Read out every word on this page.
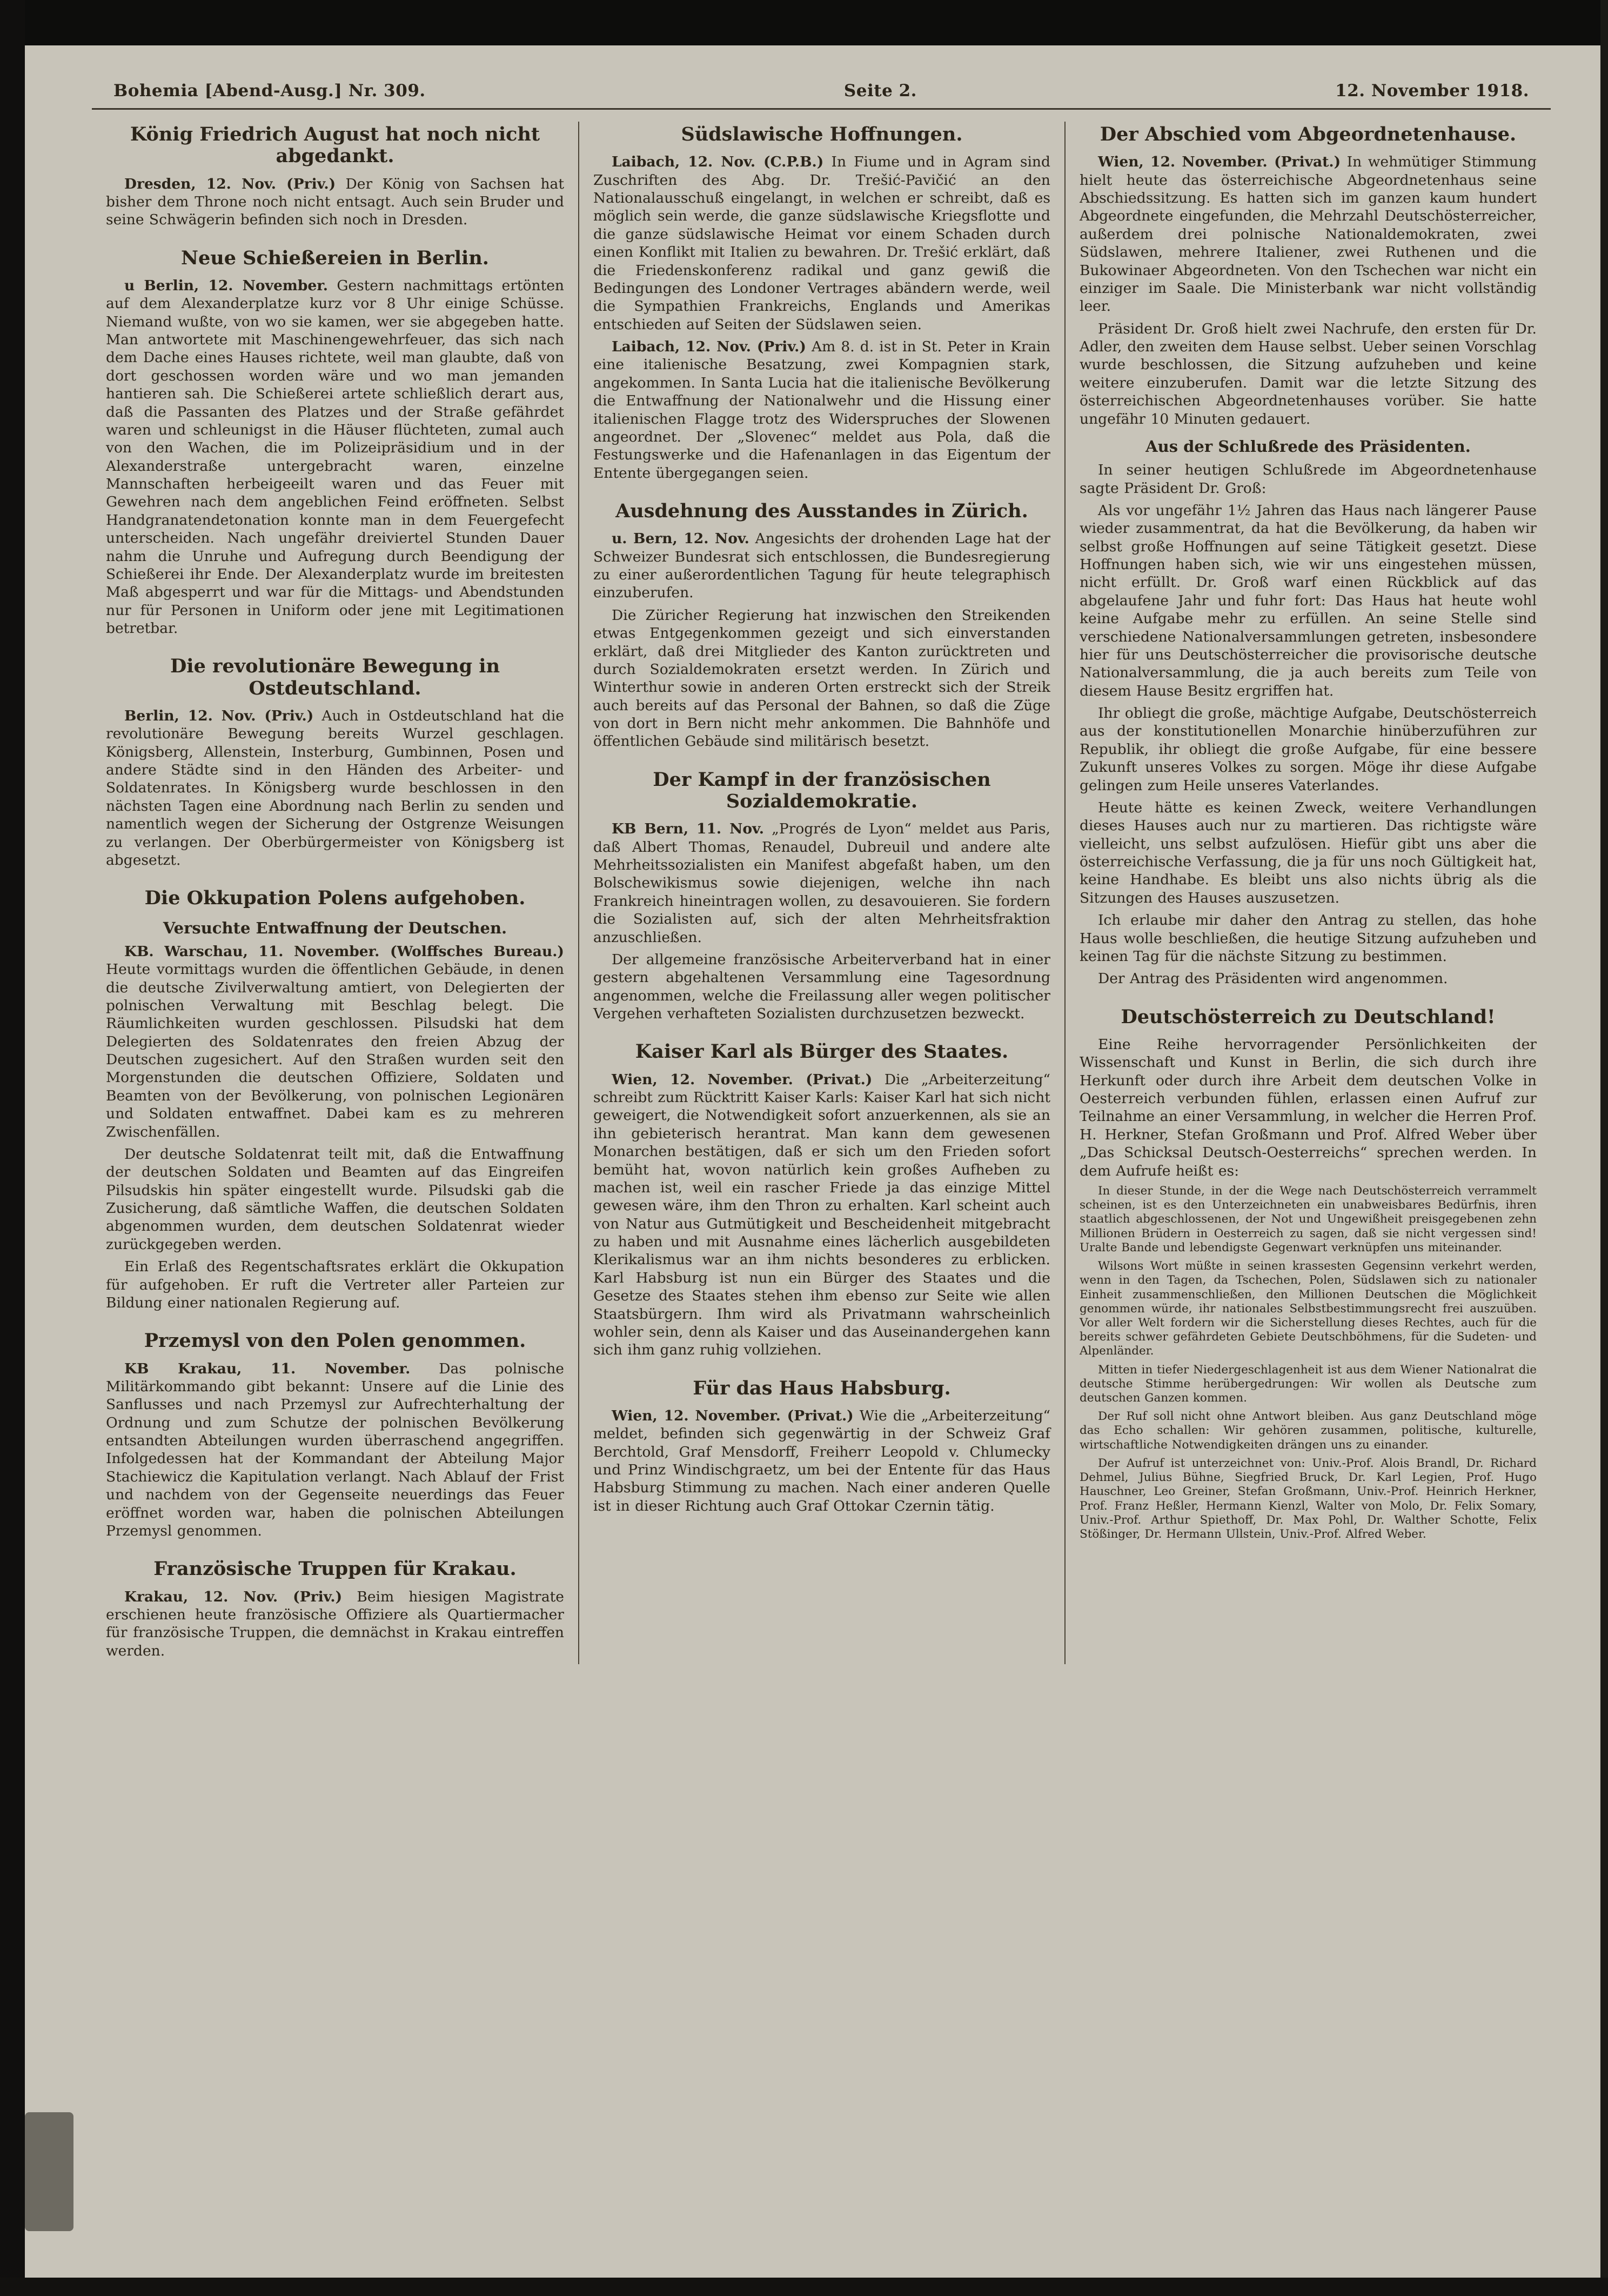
Bohemia [Abend-Ausg.] Nr. 309.	Seite 2.	12. November 1918.
König Friedrich August hat noch nicht abgedankt.

Dresden, 12. Nov. (Priv.) Der König von Sachsen hat bisher dem Throne noch nicht entsagt. Auch sein Bruder und seine Schwägerin befinden sich noch in Dresden.

Neue Schießereien in Berlin.

u Berlin, 12. November. Gestern nachmittags ertönten auf dem Alexanderplatze kurz vor 8 Uhr einige Schüsse. Niemand wußte, von wo sie kamen, wer sie abgegeben hatte. Man antwortete mit Maschinengewehrfeuer, das sich nach dem Dache eines Hauses richtete, weil man glaubte, daß von dort geschossen worden wäre und wo man jemanden hantieren sah. Die Schießerei artete schließlich derart aus, daß die Passanten des Platzes und der Straße gefährdet waren und schleunigst in die Häuser flüchteten, zumal auch von den Wachen, die im Polizeipräsidium und in der Alexanderstraße untergebracht waren, einzelne Mannschaften herbeigeeilt waren und das Feuer mit Gewehren nach dem angeblichen Feind eröffneten. Selbst Handgranatendetonation konnte man in dem Feuergefecht unterscheiden. Nach ungefähr dreiviertel Stunden Dauer nahm die Unruhe und Aufregung durch Beendigung der Schießerei ihr Ende. Der Alexanderplatz wurde im breitesten Maß abgesperrt und war für die Mittags- und Abendstunden nur für Personen in Uniform oder jene mit Legitimationen betretbar.

Die revolutionäre Bewegung in Ostdeutschland.

Berlin, 12. Nov. (Priv.) Auch in Ostdeutschland hat die revolutionäre Bewegung bereits Wurzel geschlagen. Königsberg, Allenstein, Insterburg, Gumbinnen, Posen und andere Städte sind in den Händen des Arbeiter- und Soldatenrates. In Königsberg wurde beschlossen in den nächsten Tagen eine Abordnung nach Berlin zu senden und namentlich wegen der Sicherung der Ostgrenze Weisungen zu verlangen. Der Oberbürgermeister von Königsberg ist abgesetzt.

Die Okkupation Polens aufgehoben.
Versuchte Entwaffnung der Deutschen.

KB. Warschau, 11. November. (Wolffsches Bureau.) Heute vormittags wurden die öffentlichen Gebäude, in denen die deutsche Zivilverwaltung amtiert, von Delegierten der polnischen Verwaltung mit Beschlag belegt. Die Räumlichkeiten wurden geschlossen. Pilsudski hat dem Delegierten des Soldatenrates den freien Abzug der Deutschen zugesichert. Auf den Straßen wurden seit den Morgenstunden die deutschen Offiziere, Soldaten und Beamten von der Bevölkerung, von polnischen Legionären und Soldaten entwaffnet. Dabei kam es zu mehreren Zwischenfällen.

Der deutsche Soldatenrat teilt mit, daß die Entwaffnung der deutschen Soldaten und Beamten auf das Eingreifen Pilsudskis hin später eingestellt wurde. Pilsudski gab die Zusicherung, daß sämtliche Waffen, die deutschen Soldaten abgenommen wurden, dem deutschen Soldatenrat wieder zurückgegeben werden.

Ein Erlaß des Regentschaftsrates erklärt die Okkupation für aufgehoben. Er ruft die Vertreter aller Parteien zur Bildung einer nationalen Regierung auf.

Przemysl von den Polen genommen.

KB Krakau, 11. November. Das polnische Militärkommando gibt bekannt: Unsere auf die Linie des Sanflusses und nach Przemysl zur Aufrechterhaltung der Ordnung und zum Schutze der polnischen Bevölkerung entsandten Abteilungen wurden überraschend angegriffen. Infolgedessen hat der Kommandant der Abteilung Major Stachiewicz die Kapitulation verlangt. Nach Ablauf der Frist und nachdem von der Gegenseite neuerdings das Feuer eröffnet worden war, haben die polnischen Abteilungen Przemysl genommen.

Französische Truppen für Krakau.

Krakau, 12. Nov. (Priv.) Beim hiesigen Magistrate erschienen heute französische Offiziere als Quartiermacher für französische Truppen, die demnächst in Krakau eintreffen werden.

Südslawische Hoffnungen.

Laibach, 12. Nov. (C.P.B.) In Fiume und in Agram sind Zuschriften des Abg. Dr. Trešić-Pavičić an den Nationalausschuß eingelangt, in welchen er schreibt, daß es möglich sein werde, die ganze südslawische Kriegsflotte und die ganze südslawische Heimat vor einem Schaden durch einen Konflikt mit Italien zu bewahren. Dr. Trešić erklärt, daß die Friedenskonferenz radikal und ganz gewiß die Bedingungen des Londoner Vertrages abändern werde, weil die Sympathien Frankreichs, Englands und Amerikas entschieden auf Seiten der Südslawen seien.

Laibach, 12. Nov. (Priv.) Am 8. d. ist in St. Peter in Krain eine italienische Besatzung, zwei Kompagnien stark, angekommen. In Santa Lucia hat die italienische Bevölkerung die Entwaffnung der Nationalwehr und die Hissung einer italienischen Flagge trotz des Widerspruches der Slowenen angeordnet. Der „Slovenec“ meldet aus Pola, daß die Festungswerke und die Hafenanlagen in das Eigentum der Entente übergegangen seien.

Ausdehnung des Ausstandes in Zürich.

u. Bern, 12. Nov. Angesichts der drohenden Lage hat der Schweizer Bundesrat sich entschlossen, die Bundesregierung zu einer außerordentlichen Tagung für heute telegraphisch einzuberufen.

Die Züricher Regierung hat inzwischen den Streikenden etwas Entgegenkommen gezeigt und sich einverstanden erklärt, daß drei Mitglieder des Kanton zurücktreten und durch Sozialdemokraten ersetzt werden. In Zürich und Winterthur sowie in anderen Orten erstreckt sich der Streik auch bereits auf das Personal der Bahnen, so daß die Züge von dort in Bern nicht mehr ankommen. Die Bahnhöfe und öffentlichen Gebäude sind militärisch besetzt.

Der Kampf in der französischen Sozialdemokratie.

KB Bern, 11. Nov. „Progrés de Lyon“ meldet aus Paris, daß Albert Thomas, Renaudel, Dubreuil und andere alte Mehrheitssozialisten ein Manifest abgefaßt haben, um den Bolschewikismus sowie diejenigen, welche ihn nach Frankreich hineintragen wollen, zu desavouieren. Sie fordern die Sozialisten auf, sich der alten Mehrheitsfraktion anzuschließen.

Der allgemeine französische Arbeiterverband hat in einer gestern abgehaltenen Versammlung eine Tagesordnung angenommen, welche die Freilassung aller wegen politischer Vergehen verhafteten Sozialisten durchzusetzen bezweckt.

Kaiser Karl als Bürger des Staates.

Wien, 12. November. (Privat.) Die „Arbeiterzeitung“ schreibt zum Rücktritt Kaiser Karls: Kaiser Karl hat sich nicht geweigert, die Notwendigkeit sofort anzuerkennen, als sie an ihn gebieterisch herantrat. Man kann dem gewesenen Monarchen bestätigen, daß er sich um den Frieden sofort bemüht hat, wovon natürlich kein großes Aufheben zu machen ist, weil ein rascher Friede ja das einzige Mittel gewesen wäre, ihm den Thron zu erhalten. Karl scheint auch von Natur aus Gutmütigkeit und Bescheidenheit mitgebracht zu haben und mit Ausnahme eines lächerlich ausgebildeten Klerikalismus war an ihm nichts besonderes zu erblicken. Karl Habsburg ist nun ein Bürger des Staates und die Gesetze des Staates stehen ihm ebenso zur Seite wie allen Staatsbürgern. Ihm wird als Privatmann wahrscheinlich wohler sein, denn als Kaiser und das Auseinandergehen kann sich ihm ganz ruhig vollziehen.

Für das Haus Habsburg.

Wien, 12. November. (Privat.) Wie die „Arbeiterzeitung“ meldet, befinden sich gegenwärtig in der Schweiz Graf Berchtold, Graf Mensdorff, Freiherr Leopold v. Chlumecky und Prinz Windischgraetz, um bei der Entente für das Haus Habsburg Stimmung zu machen. Nach einer anderen Quelle ist in dieser Richtung auch Graf Ottokar Czernin tätig.

Der Abschied vom Abgeordnetenhause.

Wien, 12. November. (Privat.) In wehmütiger Stimmung hielt heute das österreichische Abgeordnetenhaus seine Abschiedssitzung. Es hatten sich im ganzen kaum hundert Abgeordnete eingefunden, die Mehrzahl Deutschösterreicher, außerdem drei polnische Nationaldemokraten, zwei Südslawen, mehrere Italiener, zwei Ruthenen und die Bukowinaer Abgeordneten. Von den Tschechen war nicht ein einziger im Saale. Die Ministerbank war nicht vollständig leer.

Präsident Dr. Groß hielt zwei Nachrufe, den ersten für Dr. Adler, den zweiten dem Hause selbst. Ueber seinen Vorschlag wurde beschlossen, die Sitzung aufzuheben und keine weitere einzuberufen. Damit war die letzte Sitzung des österreichischen Abgeordnetenhauses vorüber. Sie hatte ungefähr 10 Minuten gedauert.

Aus der Schlußrede des Präsidenten.

In seiner heutigen Schlußrede im Abgeordnetenhause sagte Präsident Dr. Groß:

Als vor ungefähr 1½ Jahren das Haus nach längerer Pause wieder zusammentrat, da hat die Bevölkerung, da haben wir selbst große Hoffnungen auf seine Tätigkeit gesetzt. Diese Hoffnungen haben sich, wie wir uns eingestehen müssen, nicht erfüllt. Dr. Groß warf einen Rückblick auf das abgelaufene Jahr und fuhr fort: Das Haus hat heute wohl keine Aufgabe mehr zu erfüllen. An seine Stelle sind verschiedene Nationalversammlungen getreten, insbesondere hier für uns Deutschösterreicher die provisorische deutsche Nationalversammlung, die ja auch bereits zum Teile von diesem Hause Besitz ergriffen hat.

Ihr obliegt die große, mächtige Aufgabe, Deutschösterreich aus der konstitutionellen Monarchie hinüberzuführen zur Republik, ihr obliegt die große Aufgabe, für eine bessere Zukunft unseres Volkes zu sorgen. Möge ihr diese Aufgabe gelingen zum Heile unseres Vaterlandes.

Heute hätte es keinen Zweck, weitere Verhandlungen dieses Hauses auch nur zu martieren. Das richtigste wäre vielleicht, uns selbst aufzulösen. Hiefür gibt uns aber die österreichische Verfassung, die ja für uns noch Gültigkeit hat, keine Handhabe. Es bleibt uns also nichts übrig als die Sitzungen des Hauses auszusetzen.

Ich erlaube mir daher den Antrag zu stellen, das hohe Haus wolle beschließen, die heutige Sitzung aufzuheben und keinen Tag für die nächste Sitzung zu bestimmen.

Der Antrag des Präsidenten wird angenommen.

Deutschösterreich zu Deutschland!

Eine Reihe hervorragender Persönlichkeiten der Wissenschaft und Kunst in Berlin, die sich durch ihre Herkunft oder durch ihre Arbeit dem deutschen Volke in Oesterreich verbunden fühlen, erlassen einen Aufruf zur Teilnahme an einer Versammlung, in welcher die Herren Prof. H. Herkner, Stefan Großmann und Prof. Alfred Weber über „Das Schicksal Deutsch-Oesterreichs“ sprechen werden. In dem Aufrufe heißt es:

In dieser Stunde, in der die Wege nach Deutschösterreich verrammelt scheinen, ist es den Unterzeichneten ein unabweisbares Bedürfnis, ihren staatlich abgeschlossenen, der Not und Ungewißheit preisgegebenen zehn Millionen Brüdern in Oesterreich zu sagen, daß sie nicht vergessen sind! Uralte Bande und lebendigste Gegenwart verknüpfen uns miteinander.

Wilsons Wort müßte in seinen krassesten Gegensinn verkehrt werden, wenn in den Tagen, da Tschechen, Polen, Südslawen sich zu nationaler Einheit zusammenschließen, den Millionen Deutschen die Möglichkeit genommen würde, ihr nationales Selbstbestimmungsrecht frei auszuüben. Vor aller Welt fordern wir die Sicherstellung dieses Rechtes, auch für die bereits schwer gefährdeten Gebiete Deutschböhmens, für die Sudeten- und Alpenländer.

Mitten in tiefer Niedergeschlagenheit ist aus dem Wiener Nationalrat die deutsche Stimme herübergedrungen: Wir wollen als Deutsche zum deutschen Ganzen kommen.

Der Ruf soll nicht ohne Antwort bleiben. Aus ganz Deutschland möge das Echo schallen: Wir gehören zusammen, politische, kulturelle, wirtschaftliche Notwendigkeiten drängen uns zu einander.

Der Aufruf ist unterzeichnet von: Univ.-Prof. Alois Brandl, Dr. Richard Dehmel, Julius Bühne, Siegfried Bruck, Dr. Karl Legien, Prof. Hugo Hauschner, Leo Greiner, Stefan Großmann, Univ.-Prof. Heinrich Herkner, Prof. Franz Heßler, Hermann Kienzl, Walter von Molo, Dr. Felix Somary, Univ.-Prof. Arthur Spiethoff, Dr. Max Pohl, Dr. Walther Schotte, Felix Stößinger, Dr. Hermann Ullstein, Univ.-Prof. Alfred Weber.
